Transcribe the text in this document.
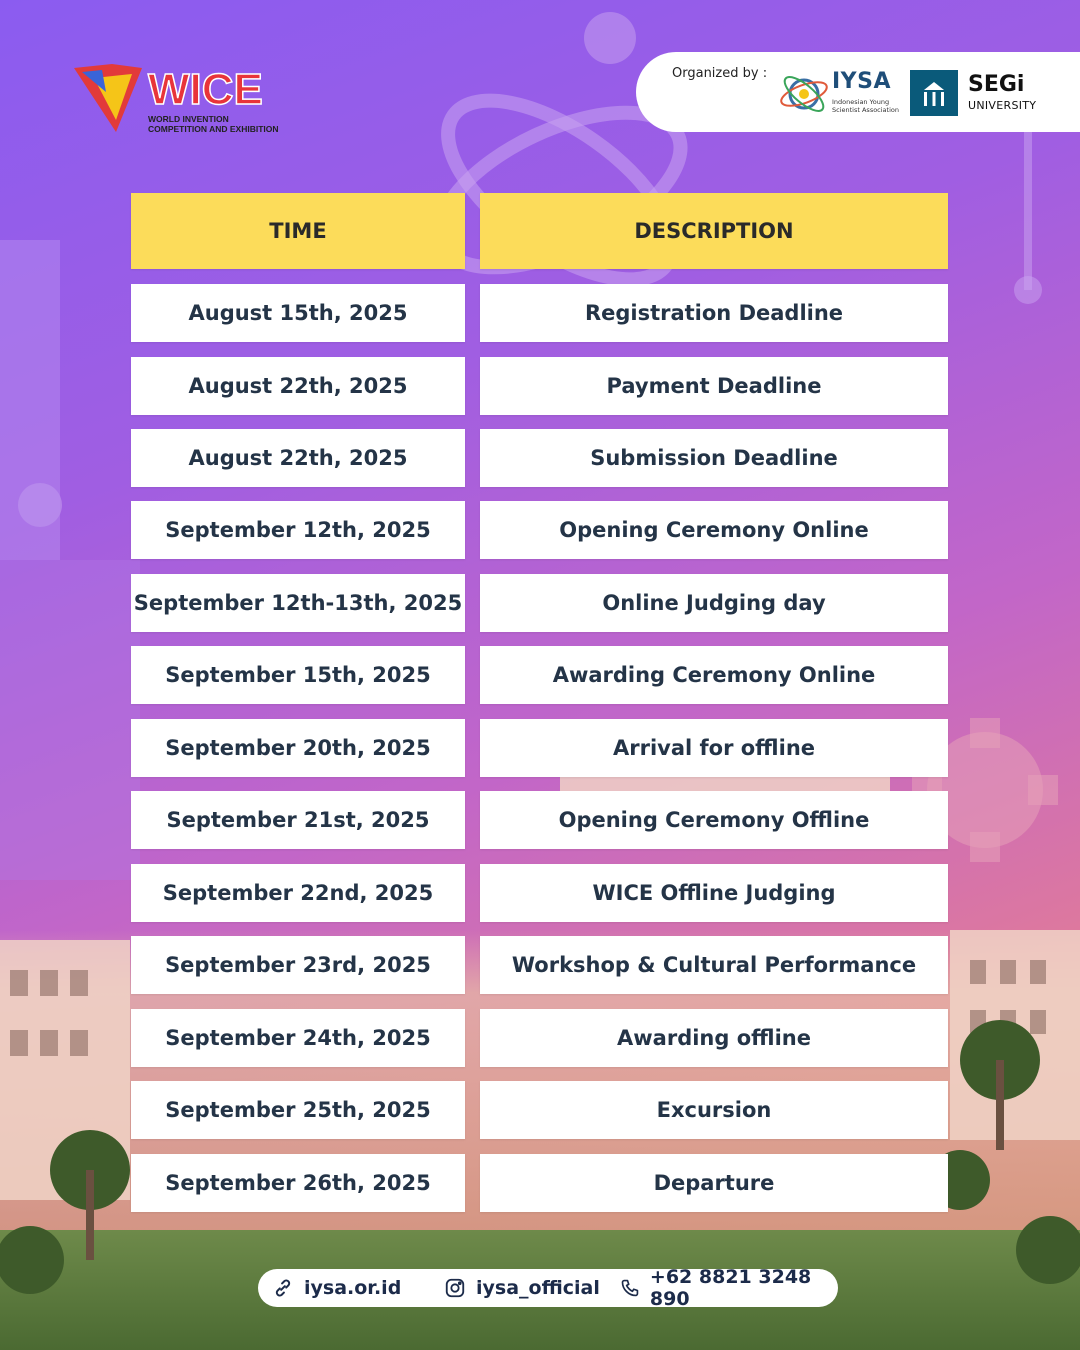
WICE
WORLD INVENTION
COMPETITION AND EXHIBITION
Organized by :	IYSA
Indonesian Young
Scientist Association
SEGi
UNIVERSITY
TIME	DESCRIPTION
August 15th, 2025	Registration Deadline
August 22th, 2025	Payment Deadline
August 22th, 2025	Submission Deadline
September 12th, 2025	Opening Ceremony Online
September 12th-13th, 2025	Online Judging day
September 15th, 2025	Awarding Ceremony Online
September 20th, 2025	Arrival for offline
September 21st, 2025	Opening Ceremony Offline
September 22nd, 2025	WICE Offline Judging
September 23rd, 2025	Workshop & Cultural Performance
September 24th, 2025	Awarding offline
September 25th, 2025	Excursion
September 26th, 2025	Departure
iysa.or.id	iysa_official	+62 8821 3248 890
